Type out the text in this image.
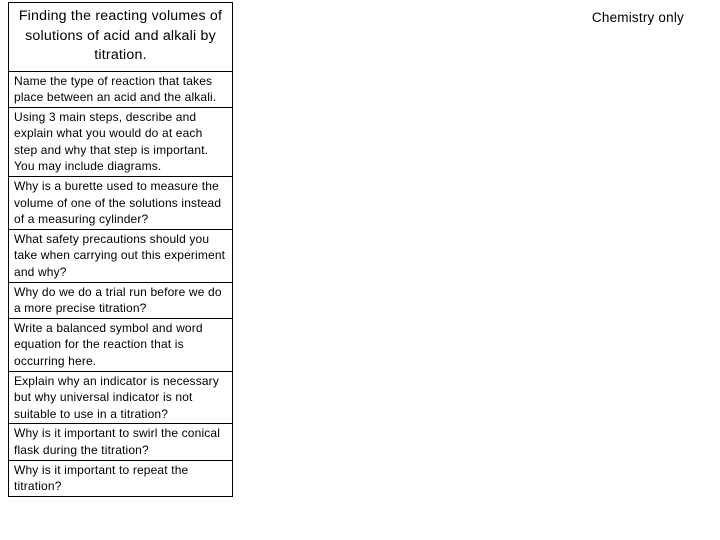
Finding the reacting volumes of solutions of acid and alkali by titration.
Name the type of reaction that takes place between an acid and the alkali.
Using 3 main steps, describe and explain what you would do at each step and why that step is important. You may include diagrams.
Why is a burette used to measure the volume of one of the solutions instead of a measuring cylinder?
What safety precautions should you take when carrying out this experiment and why?
Why do we do a trial run before we do a more precise titration?
Write a balanced symbol and word equation for the reaction that is occurring here.
Explain why an indicator is necessary but why universal indicator is not suitable to use in a titration?
Why is it important to swirl the conical flask during the titration?
Why is it important to repeat the titration?
Chemistry only
